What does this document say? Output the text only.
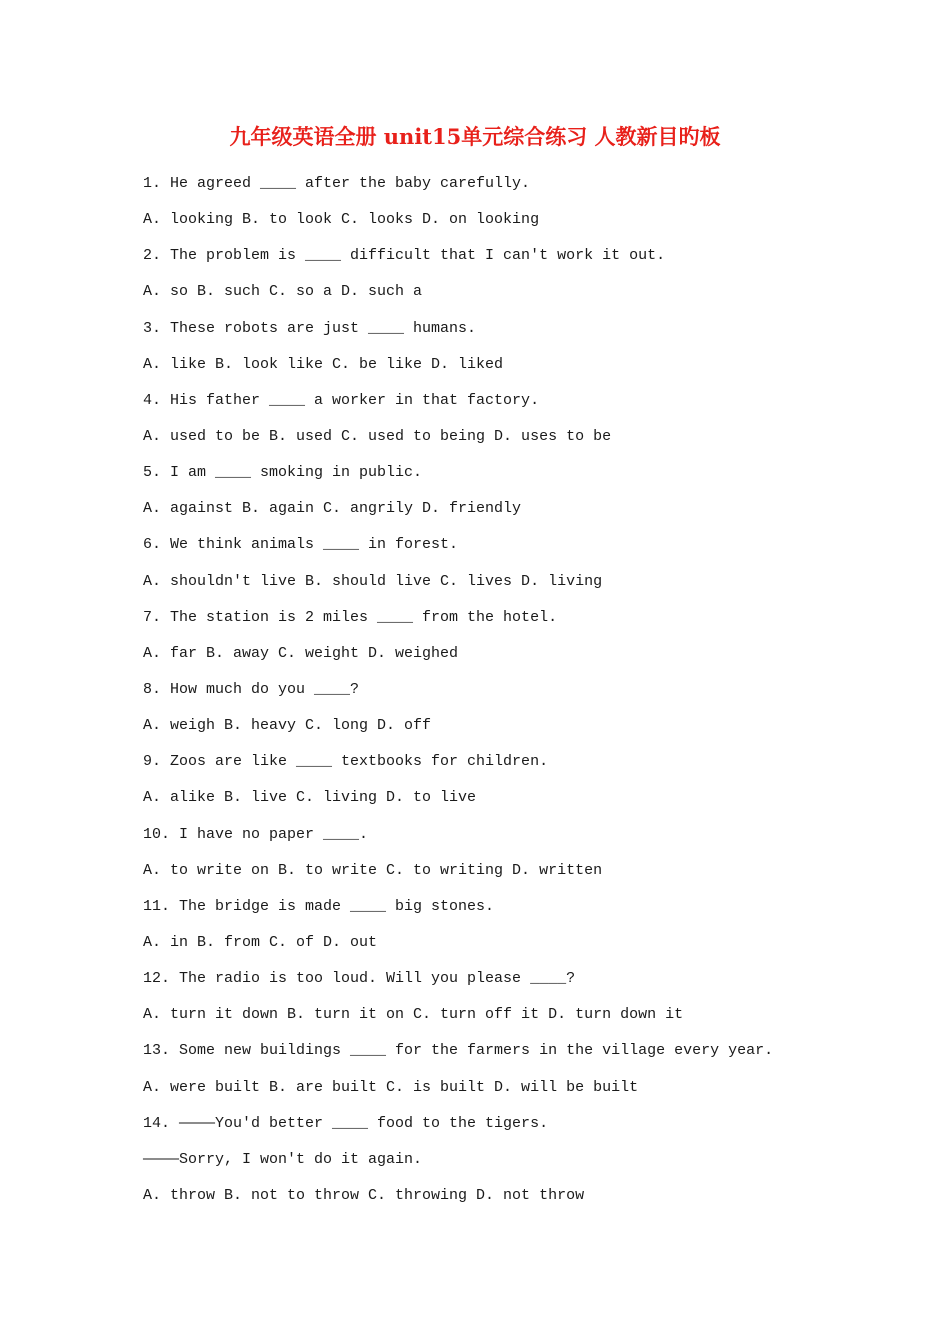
九年级英语全册 unit15单元综合练习 人教新目旳板
1. He agreed ____ after the baby carefully.
A. looking B. to look C. looks D. on looking
2. The problem is ____ difficult that I can't work it out.
A. so B. such C. so a D. such a
3. These robots are just ____ humans.
A. like B. look like C. be like D. liked
4. His father ____ a worker in that factory.
A. used to be B. used C. used to being D. uses to be
5. I am ____ smoking in public.
A. against B. again C. angrily D. friendly
6. We think animals ____ in forest.
A. shouldn't live B. should live C. lives D. living
7. The station is 2 miles ____ from the hotel.
A. far B. away C. weight D. weighed
8. How much do you ____?
A. weigh B. heavy C. long D. off
9. Zoos are like ____ textbooks for children.
A. alike B. live C. living D. to live
10. I have no paper ____.
A. to write on B. to write C. to writing D. written
11. The bridge is made ____ big stones.
A. in B. from C. of D. out
12. The radio is too loud. Will you please ____?
A. turn it down B. turn it on C. turn off it D. turn down it
13. Some new buildings ____ for the farmers in the village every year.
A. were built B. are built C. is built D. will be built
14. ————You'd better ____ food to the tigers.
————Sorry, I won't do it again.
A. throw B. not to throw C. throwing D. not throw
